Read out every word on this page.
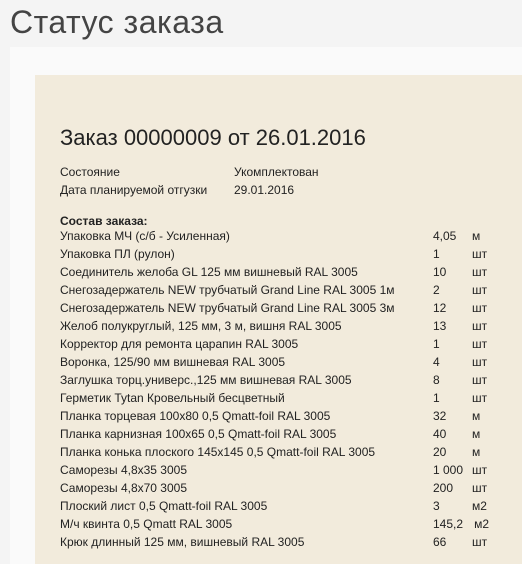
Статус заказа
Заказ 00000009 от 26.01.2016
Состояние	Укомплектован
Дата планируемой отгузки 29.01.2016
Состав заказа:
Упаковка МЧ (с/б - Усиленная)	4,05 м
Упаковка ПЛ (рулон)	1	шт
Соединитель желоба GL 125 мм вишневый RAL 3005	10 шт
Снегозадержатель NEW трубчатый Grand Line RAL 3005 1м	2	шт
Снегозадержатель NEW трубчатый Grand Line RAL 3005 3м	12 шт
Желоб полукруглый, 125 мм, 3 м, вишня RAL 3005	13 шт
Корректор для ремонта царапин RAL 3005	1	шт
Воронка, 125/90 мм вишневая RAL 3005	4	шт
Заглушка торц.универс.,125 мм вишневая RAL 3005	8	шт
Герметик Tytan Кровельный бесцветный	1	шт
Планка торцевая 100х80 0,5 Qmatt-foil RAL 3005	32 м
Планка карнизная 100х65 0,5 Qmatt-foil RAL 3005	40 м
Планка конька плоского 145х145 0,5 Qmatt-foil RAL 3005	20 м
Саморезы 4,8х35 3005	1 000 шт
Саморезы 4,8х70 3005	200 шт
Плоский лист 0,5 Qmatt-foil RAL 3005	3	м2
М/ч квинта 0,5 Qmatt RAL 3005	145,2 м2
Крюк длинный 125 мм, вишневый RAL 3005	66 шт
